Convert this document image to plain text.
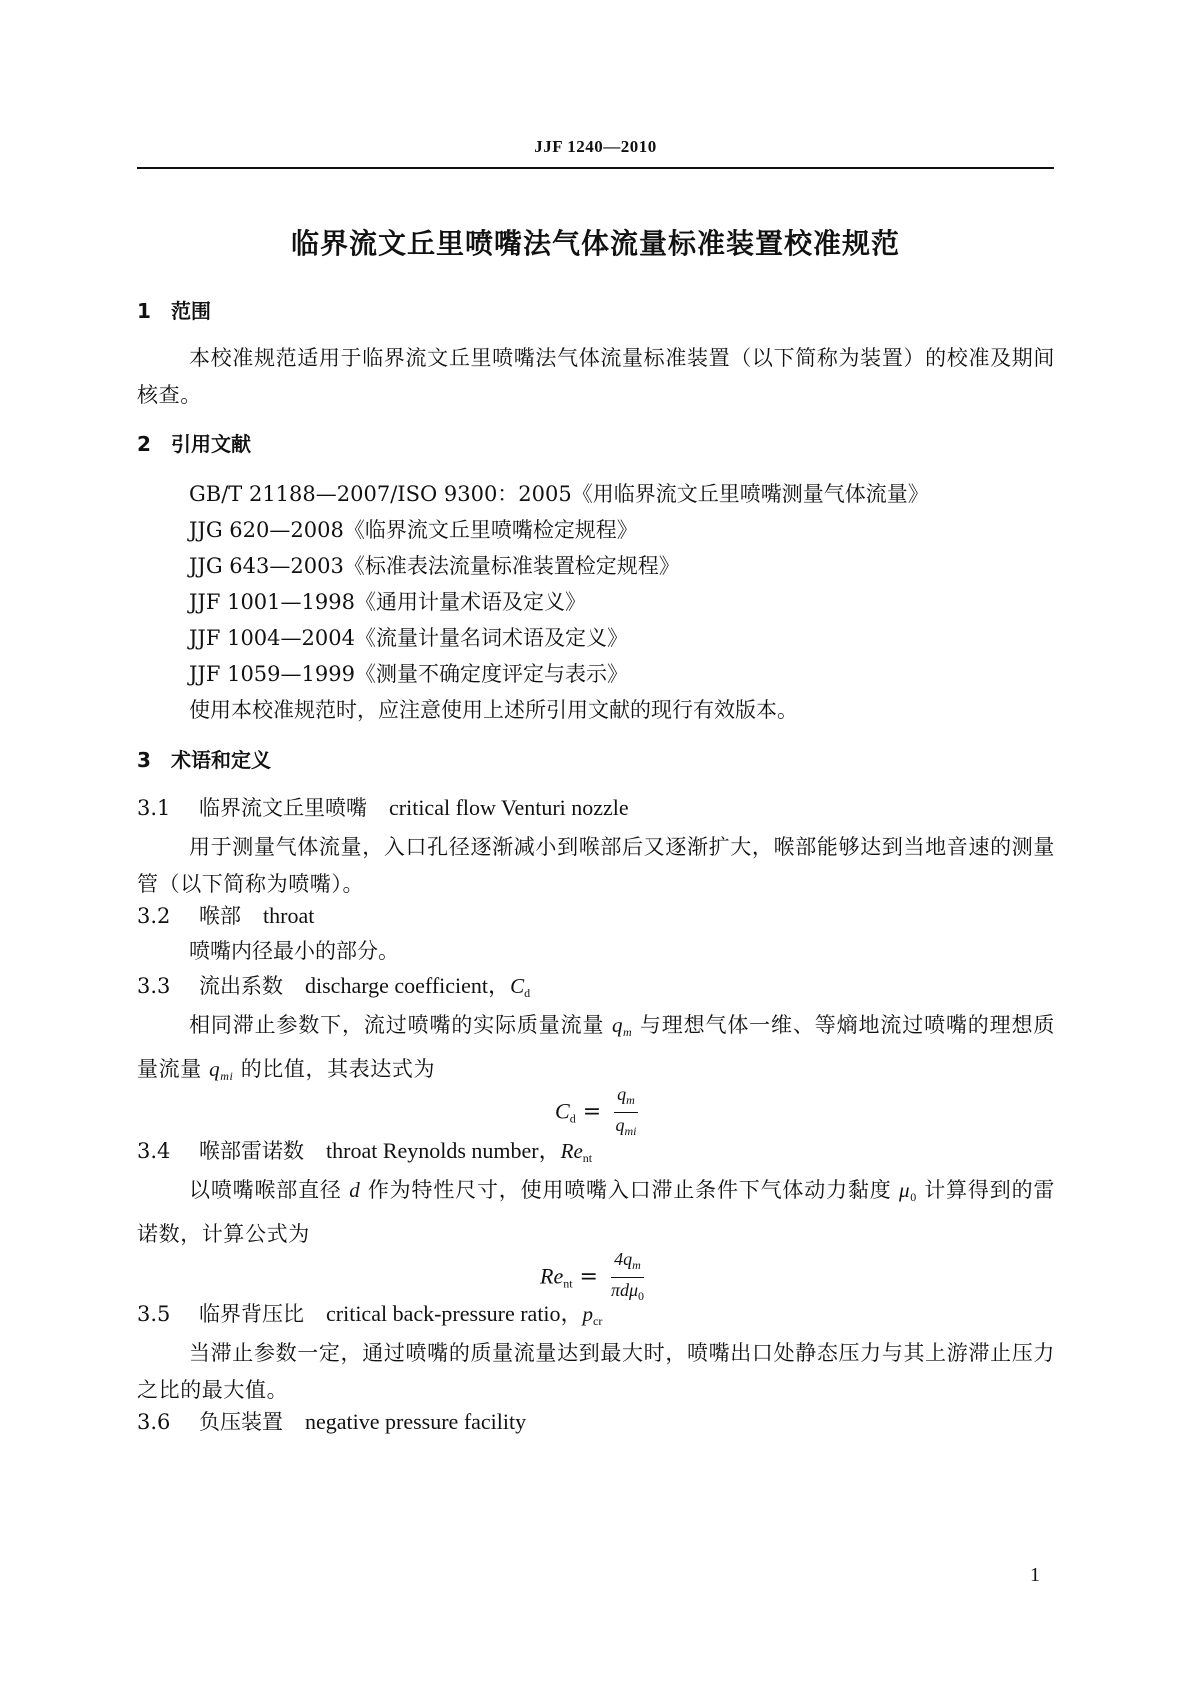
JJF 1240—2010
临界流文丘里喷嘴法气体流量标准装置校准规范
1 范围
本校准规范适用于临界流文丘里喷嘴法气体流量标准装置（以下简称为装置）的校准及期间核查。
2 引用文献
GB/T 21188—2007/ISO 9300：2005《用临界流文丘里喷嘴测量气体流量》
JJG 620—2008《临界流文丘里喷嘴检定规程》
JJG 643—2003《标准表法流量标准装置检定规程》
JJF 1001—1998《通用计量术语及定义》
JJF 1004—2004《流量计量名词术语及定义》
JJF 1059—1999《测量不确定度评定与表示》
使用本校准规范时，应注意使用上述所引用文献的现行有效版本。
3 术语和定义
3.1 临界流文丘里喷嘴 critical flow Venturi nozzle
用于测量气体流量，入口孔径逐渐减小到喉部后又逐渐扩大，喉部能够达到当地音速的测量管（以下简称为喷嘴）。
3.2 喉部 throat
喷嘴内径最小的部分。
3.3 流出系数 discharge coefficient，$C_d$
相同滞止参数下，流过喷嘴的实际质量流量 $q_m$ 与理想气体一维、等熵地流过喷嘴的理想质量流量 $q_{mi}$ 的比值，其表达式为
$C_d = \frac{q_m}{q_{mi}}$
3.4 喉部雷诺数 throat Reynolds number，$Re_{nt}$
以喷嘴喉部直径 d 作为特性尺寸，使用喷嘴入口滞止条件下气体动力黏度 $\mu_0$ 计算得到的雷诺数，计算公式为
$Re_{nt} = \frac{4q_m}{\pi d\mu_0}$
3.5 临界背压比 critical back-pressure ratio，$p_{cr}$
当滞止参数一定，通过喷嘴的质量流量达到最大时，喷嘴出口处静态压力与其上游滞止压力之比的最大值。
3.6 负压装置 negative pressure facility
1
